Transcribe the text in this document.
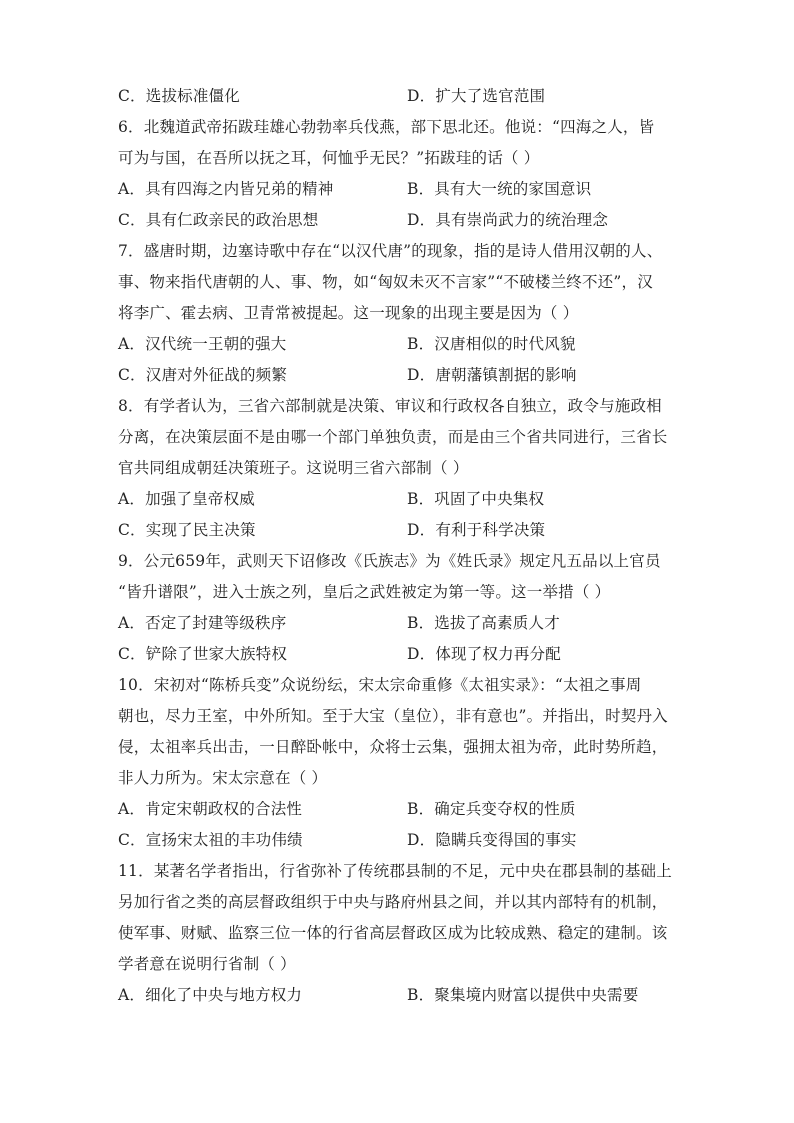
C．选拔标准僵化	D．扩大了选官范围
6．北魏道武帝拓跋珪雄心勃勃率兵伐燕，部下思北还。他说：“四海之人，皆
可为与国，在吾所以抚之耳，何恤乎无民？”拓跋珪的话（ ）
A．具有四海之内皆兄弟的精神	B．具有大一统的家国意识
C．具有仁政亲民的政治思想	D．具有崇尚武力的统治理念
7．盛唐时期，边塞诗歌中存在“以汉代唐”的现象，指的是诗人借用汉朝的人、
事、物来指代唐朝的人、事、物，如“匈奴未灭不言家”“不破楼兰终不还”，汉
将李广、霍去病、卫青常被提起。这一现象的出现主要是因为（ ）
A．汉代统一王朝的强大	B．汉唐相似的时代风貌
C．汉唐对外征战的频繁	D．唐朝藩镇割据的影响
8．有学者认为，三省六部制就是决策、审议和行政权各自独立，政令与施政相
分离，在决策层面不是由哪一个部门单独负责，而是由三个省共同进行，三省长
官共同组成朝廷决策班子。这说明三省六部制（ ）
A．加强了皇帝权威	B．巩固了中央集权
C．实现了民主决策	D．有利于科学决策
9．公元659年，武则天下诏修改《氏族志》为《姓氏录》规定凡五品以上官员
“皆升谱限”，进入士族之列，皇后之武姓被定为第一等。这一举措（ ）
A．否定了封建等级秩序	B．选拔了高素质人才
C．铲除了世家大族特权	D．体现了权力再分配
10．宋初对“陈桥兵变”众说纷纭，宋太宗命重修《太祖实录》：“太祖之事周
朝也，尽力王室，中外所知。至于大宝（皇位），非有意也”。并指出，时契丹入
侵，太祖率兵出击，一日醉卧帐中，众将士云集，强拥太祖为帝，此时势所趋，
非人力所为。宋太宗意在（ ）
A．肯定宋朝政权的合法性	B．确定兵变夺权的性质
C．宣扬宋太祖的丰功伟绩	D．隐瞒兵变得国的事实
11．某著名学者指出，行省弥补了传统郡县制的不足，元中央在郡县制的基础上
另加行省之类的高层督政组织于中央与路府州县之间，并以其内部特有的机制，
使军事、财赋、监察三位一体的行省高层督政区成为比较成熟、稳定的建制。该
学者意在说明行省制（ ）
A．细化了中央与地方权力	B．聚集境内财富以提供中央需要
